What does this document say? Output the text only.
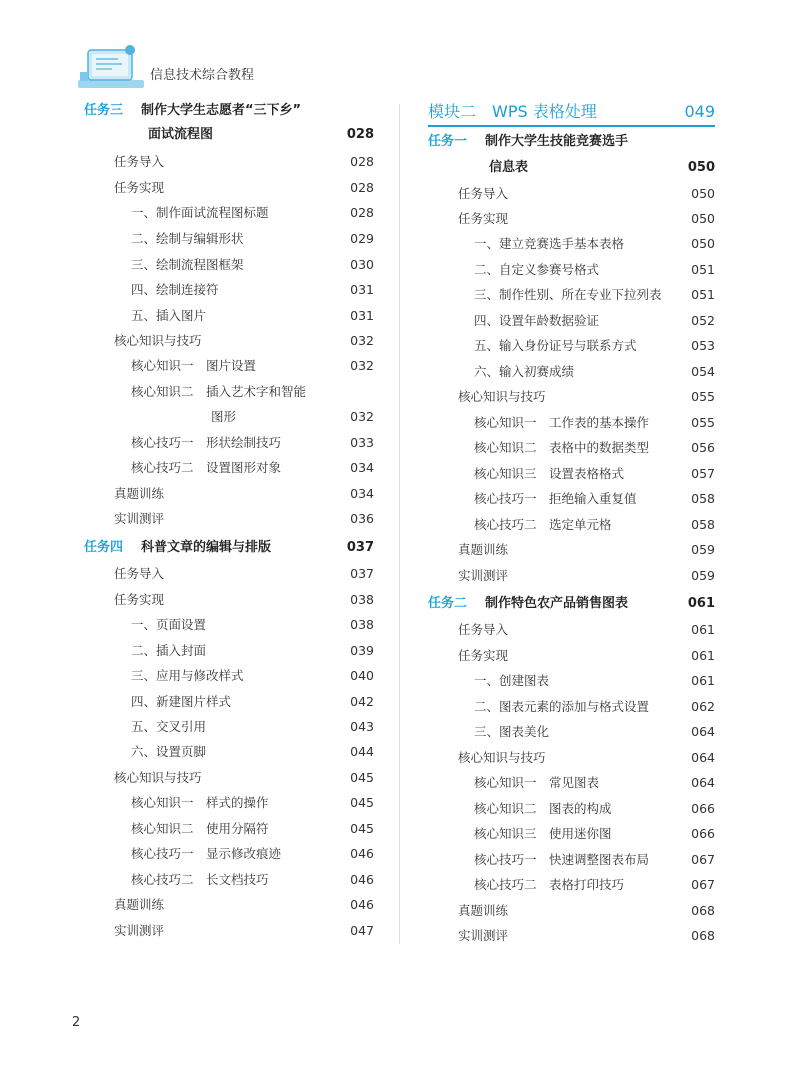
信息技术综合教程
任务三 制作大学生志愿者“三下乡”
面试流程图	028
任务导入	028
任务实现	028
一、制作面试流程图标题	028
二、绘制与编辑形状	029
三、绘制流程图框架	030
四、绘制连接符	031
五、插入图片	031
核心知识与技巧	032
核心知识一　图片设置	032
核心知识二　插入艺术字和智能
图形	032
核心技巧一　形状绘制技巧	033
核心技巧二　设置图形对象	034
真题训练	034
实训测评	036
任务四 科普文章的编辑与排版	037
任务导入	037
任务实现	038
一、页面设置	038
二、插入封面	039
三、应用与修改样式	040
四、新建图片样式	042
五、交叉引用	043
六、设置页脚	044
核心知识与技巧	045
核心知识一　样式的操作	045
核心知识二　使用分隔符	045
核心技巧一　显示修改痕迹	046
核心技巧二　长文档技巧	046
真题训练	046
实训测评	047
模块二　WPS 表格处理	049
任务一 制作大学生技能竞赛选手
信息表	050
任务导入	050
任务实现	050
一、建立竞赛选手基本表格	050
二、自定义参赛号格式	051
三、制作性别、所在专业下拉列表 051
四、设置年龄数据验证	052
五、输入身份证号与联系方式	053
六、输入初赛成绩	054
核心知识与技巧	055
核心知识一　工作表的基本操作	055
核心知识二　表格中的数据类型	056
核心知识三　设置表格格式	057
核心技巧一　拒绝输入重复值	058
核心技巧二　选定单元格	058
真题训练	059
实训测评	059
任务二 制作特色农产品销售图表	061
任务导入	061
任务实现	061
一、创建图表	061
二、图表元素的添加与格式设置	062
三、图表美化	064
核心知识与技巧	064
核心知识一　常见图表	064
核心知识二　图表的构成	066
核心知识三　使用迷你图	066
核心技巧一　快速调整图表布局	067
核心技巧二　表格打印技巧	067
真题训练	068
实训测评	068
2
